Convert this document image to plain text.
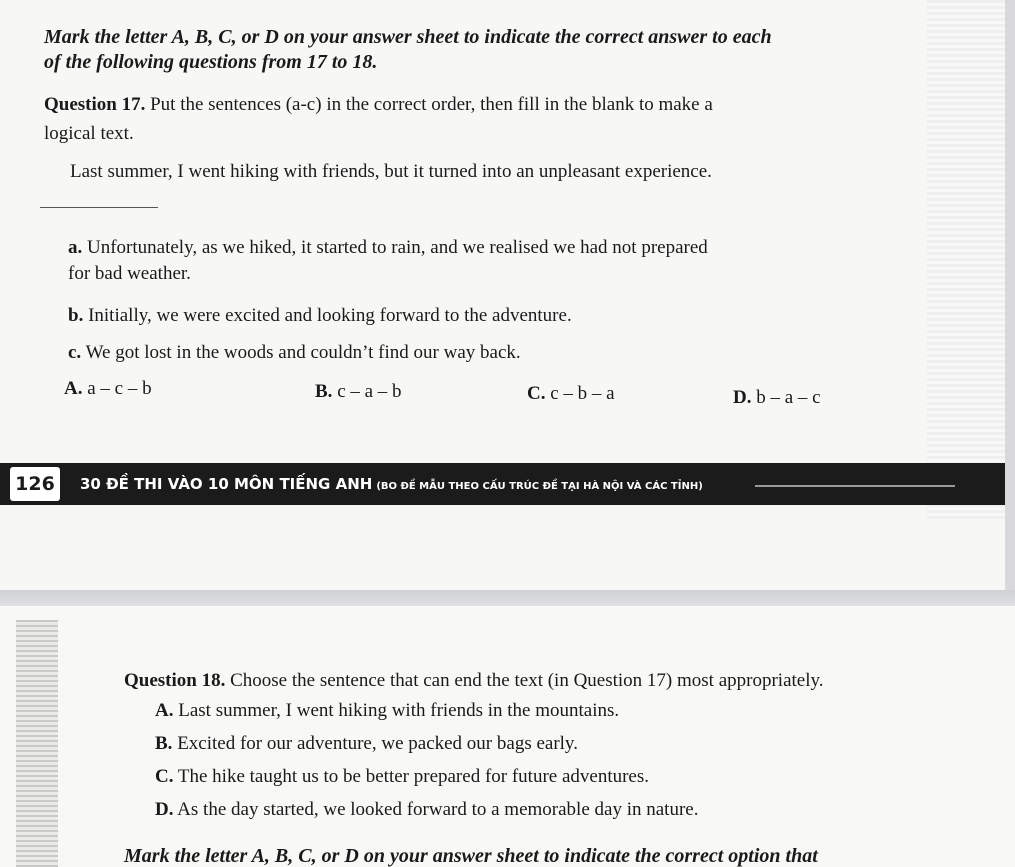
Mark the letter A, B, C, or D on your answer sheet to indicate the correct answer to each
of the following questions from 17 to 18.
Question 17. Put the sentences (a-c) in the correct order, then fill in the blank to make a
logical text.
Last summer, I went hiking with friends, but it turned into an unpleasant experience.
a. Unfortunately, as we hiked, it started to rain, and we realised we had not prepared
for bad weather.
b. Initially, we were excited and looking forward to the adventure.
c. We got lost in the woods and couldn’t find our way back.
A. a – c – b	B. c – a – b	C. c – b – a	D. b – a – c
126	30 ĐỀ THI VÀO 10 MÔN TIẾNG ANH (BO ĐỀ MẪU THEO CẤU TRÚC ĐỀ TẠI HÀ NỘI VÀ CÁC TỈNH)
Question 18. Choose the sentence that can end the text (in Question 17) most appropriately.
A. Last summer, I went hiking with friends in the mountains.
B. Excited for our adventure, we packed our bags early.
C. The hike taught us to be better prepared for future adventures.
D. As the day started, we looked forward to a memorable day in nature.
Mark the letter A, B, C, or D on your answer sheet to indicate the correct option that
